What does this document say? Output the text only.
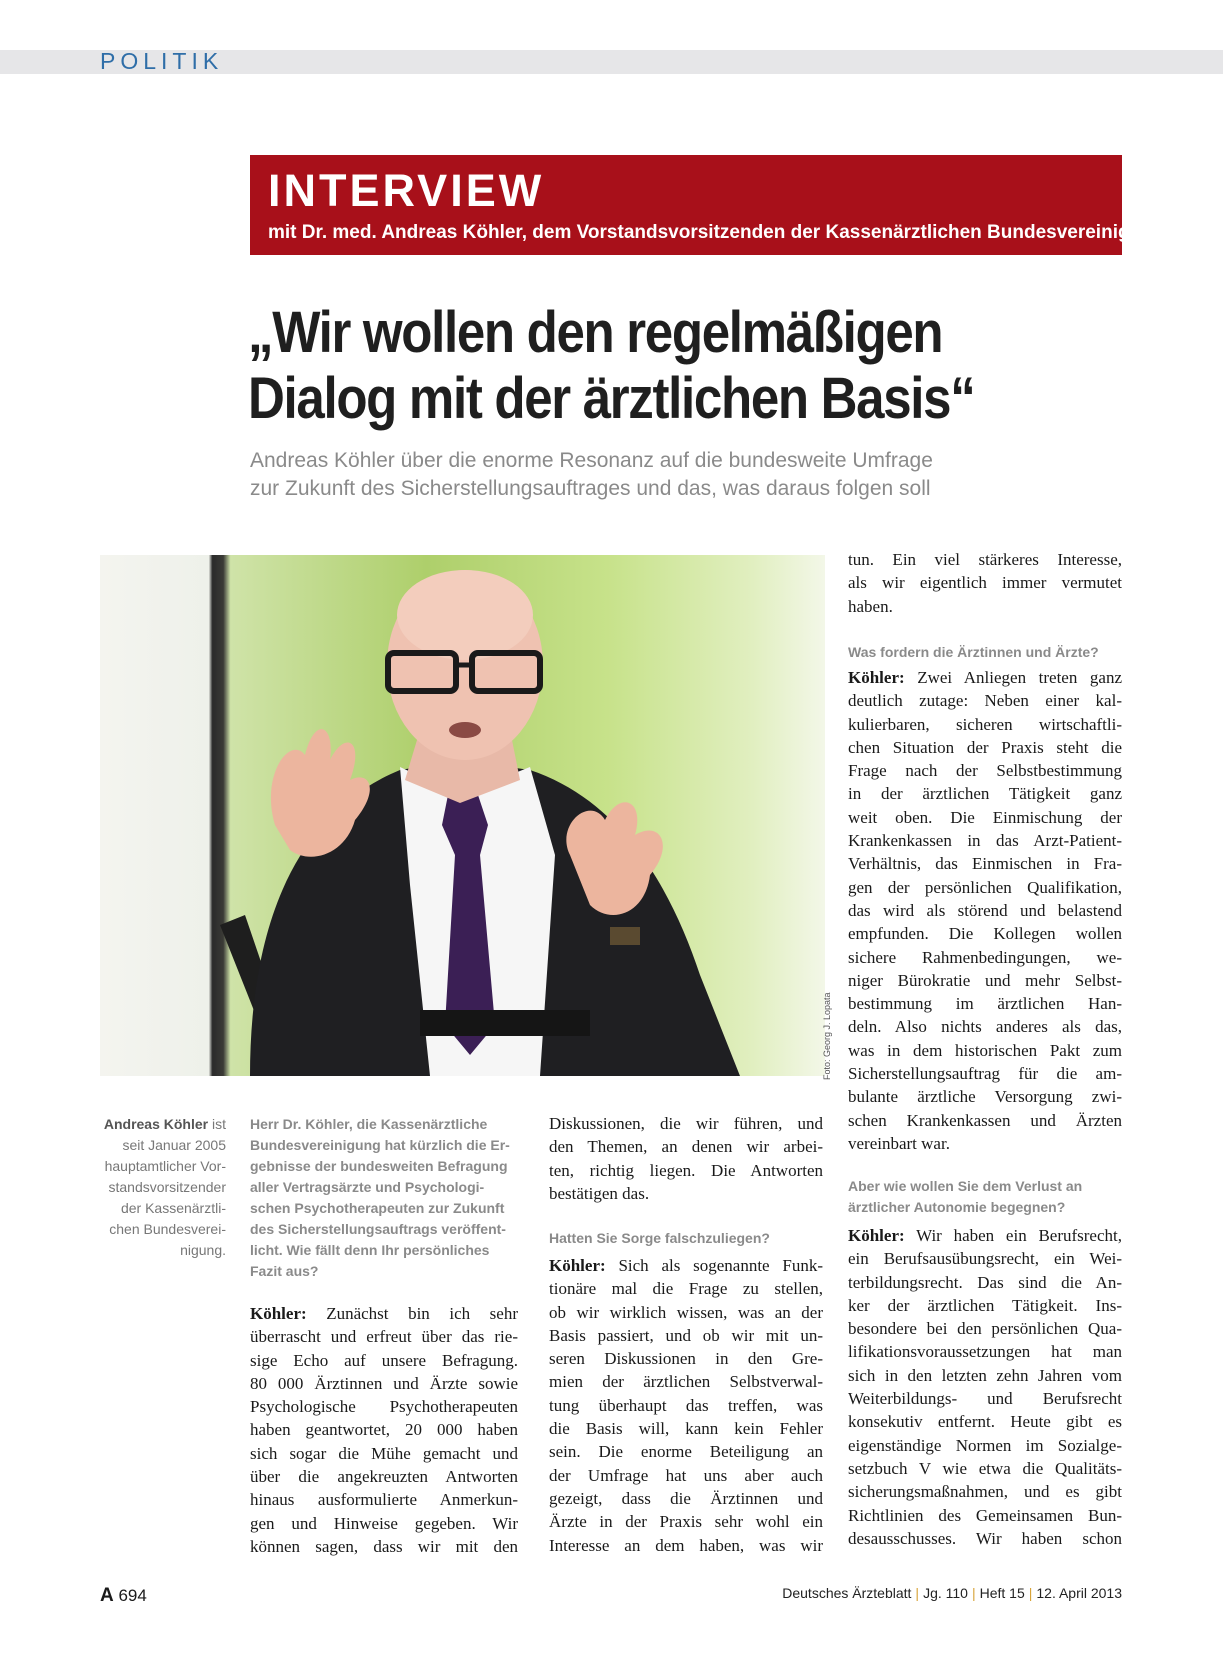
POLITIK
INTERVIEW
mit Dr. med. Andreas Köhler, dem Vorstandsvorsitzenden der Kassenärztlichen Bundesvereinigung
„Wir wollen den regelmäßigen
Dialog mit der ärztlichen Basis“
Andreas Köhler über die enorme Resonanz auf die bundesweite Umfrage
zur Zukunft des Sicherstellungsauftrages und das, was daraus folgen soll
Foto: Georg J. Lopata
Andreas Köhler ist
seit Januar 2005
hauptamtlicher Vor-
standsvorsitzender
der Kassenärztli-
chen Bundesverei-
nigung.
Herr Dr. Köhler, die Kassenärztliche
Bundesvereinigung hat kürzlich die Er-
gebnisse der bundesweiten Befragung
aller Vertragsärzte und Psychologi-
schen Psychotherapeuten zur Zukunft
des Sicherstellungsauftrags veröffent-
licht. Wie fällt denn Ihr persönliches
Fazit aus?
Köhler: Zunächst bin ich sehr
überrascht und erfreut über das rie-
sige Echo auf unsere Befragung.
80 000 Ärztinnen und Ärzte sowie
Psychologische Psychotherapeuten
haben geantwortet, 20 000 haben
sich sogar die Mühe gemacht und
über die angekreuzten Antworten
hinaus ausformulierte Anmerkun-
gen und Hinweise gegeben. Wir
können sagen, dass wir mit den
Diskussionen, die wir führen, und
den Themen, an denen wir arbei-
ten, richtig liegen. Die Antworten
bestätigen das.
Hatten Sie Sorge falschzuliegen?
Köhler: Sich als sogenannte Funk-
tionäre mal die Frage zu stellen,
ob wir wirklich wissen, was an der
Basis passiert, und ob wir mit un-
seren Diskussionen in den Gre-
mien der ärztlichen Selbstverwal-
tung überhaupt das treffen, was
die Basis will, kann kein Fehler
sein. Die enorme Beteiligung an
der Umfrage hat uns aber auch
gezeigt, dass die Ärztinnen und
Ärzte in der Praxis sehr wohl ein
Interesse an dem haben, was wir
tun. Ein viel stärkeres Interesse,
als wir eigentlich immer vermutet
haben.
Was fordern die Ärztinnen und Ärzte?
Köhler: Zwei Anliegen treten ganz
deutlich zutage: Neben einer kal-
kulierbaren, sicheren wirtschaftli-
chen Situation der Praxis steht die
Frage nach der Selbstbestimmung
in der ärztlichen Tätigkeit ganz
weit oben. Die Einmischung der
Krankenkassen in das Arzt-Patient-
Verhältnis, das Einmischen in Fra-
gen der persönlichen Qualifikation,
das wird als störend und belastend
empfunden. Die Kollegen wollen
sichere Rahmenbedingungen, we-
niger Bürokratie und mehr Selbst-
bestimmung im ärztlichen Han-
deln. Also nichts anderes als das,
was in dem historischen Pakt zum
Sicherstellungsauftrag für die am-
bulante ärztliche Versorgung zwi-
schen Krankenkassen und Ärzten
vereinbart war.
Aber wie wollen Sie dem Verlust an
ärztlicher Autonomie begegnen?
Köhler: Wir haben ein Berufsrecht,
ein Berufsausübungsrecht, ein Wei-
terbildungsrecht. Das sind die An-
ker der ärztlichen Tätigkeit. Ins-
besondere bei den persönlichen Qua-
lifikationsvoraussetzungen hat man
sich in den letzten zehn Jahren vom
Weiterbildungs- und Berufsrecht
konsekutiv entfernt. Heute gibt es
eigenständige Normen im Sozialge-
setzbuch V wie etwa die Qualitäts-
sicherungsmaßnahmen, und es gibt
Richtlinien des Gemeinsamen Bun-
desausschusses. Wir haben schon
A 694	Deutsches Ärzteblatt | Jg. 110 | Heft 15 | 12. April 2013
